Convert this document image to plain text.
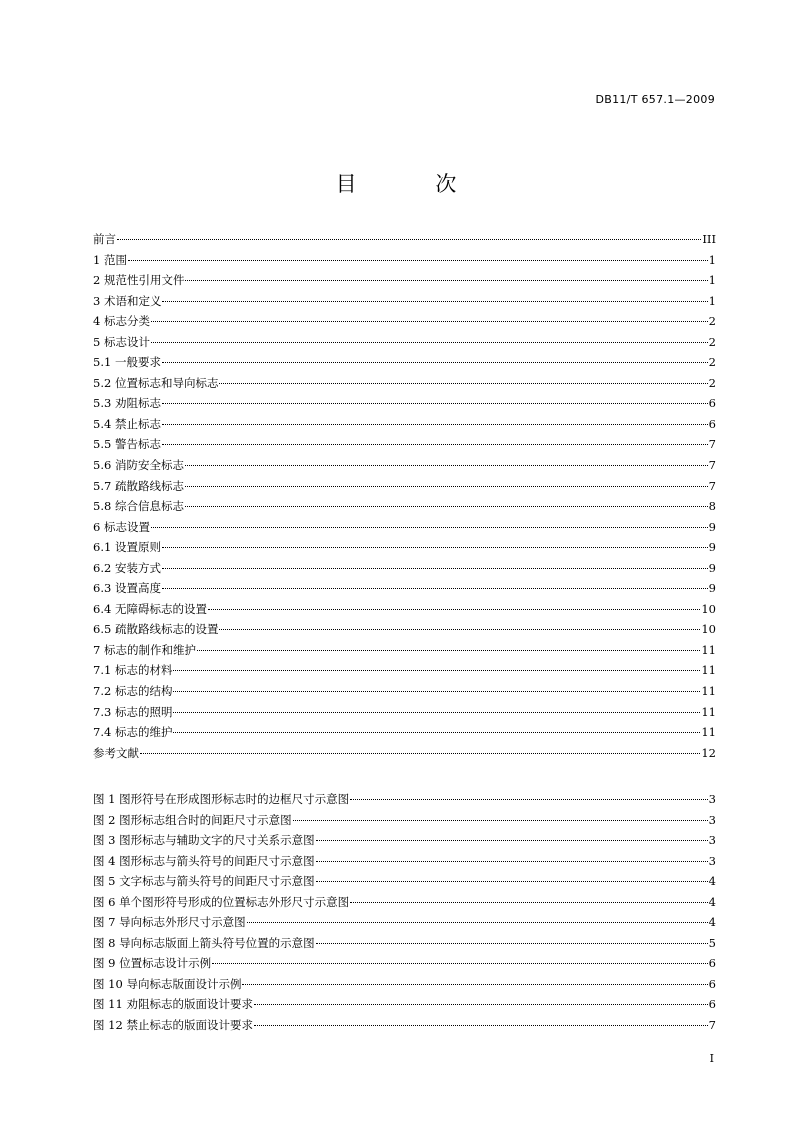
DB11/T 657.1—2009
目 次
前言	III
1 范围	1
2 规范性引用文件	1
3 术语和定义	1
4 标志分类	2
5 标志设计	2
5.1 一般要求	2
5.2 位置标志和导向标志	2
5.3 劝阻标志	6
5.4 禁止标志	6
5.5 警告标志	7
5.6 消防安全标志	7
5.7 疏散路线标志	7
5.8 综合信息标志	8
6 标志设置	9
6.1 设置原则	9
6.2 安装方式	9
6.3 设置高度	9
6.4 无障碍标志的设置	10
6.5 疏散路线标志的设置	10
7 标志的制作和维护	11
7.1 标志的材料	11
7.2 标志的结构	11
7.3 标志的照明	11
7.4 标志的维护	11
参考文献	12
图 1 图形符号在形成图形标志时的边框尺寸示意图	3
图 2 图形标志组合时的间距尺寸示意图	3
图 3 图形标志与辅助文字的尺寸关系示意图	3
图 4 图形标志与箭头符号的间距尺寸示意图	3
图 5 文字标志与箭头符号的间距尺寸示意图	4
图 6 单个图形符号形成的位置标志外形尺寸示意图	4
图 7 导向标志外形尺寸示意图	4
图 8 导向标志版面上箭头符号位置的示意图	5
图 9 位置标志设计示例	6
图 10 导向标志版面设计示例	6
图 11 劝阻标志的版面设计要求	6
图 12 禁止标志的版面设计要求	7
I
